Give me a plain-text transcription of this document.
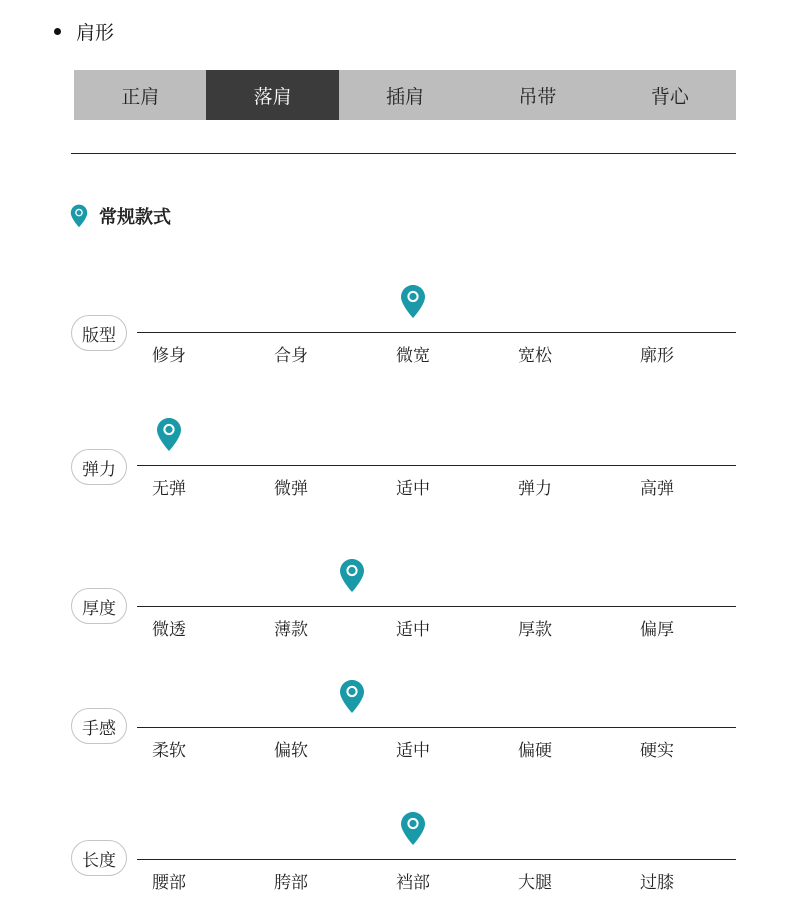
肩形
正肩	落肩	插肩	吊带	背心
常规款式
版型
修身	合身	微宽	宽松	廓形
弹力
无弹	微弹	适中	弹力	高弹
厚度
微透	薄款	适中	厚款	偏厚
手感
柔软	偏软	适中	偏硬	硬实
长度
腰部	胯部	裆部	大腿	过膝
